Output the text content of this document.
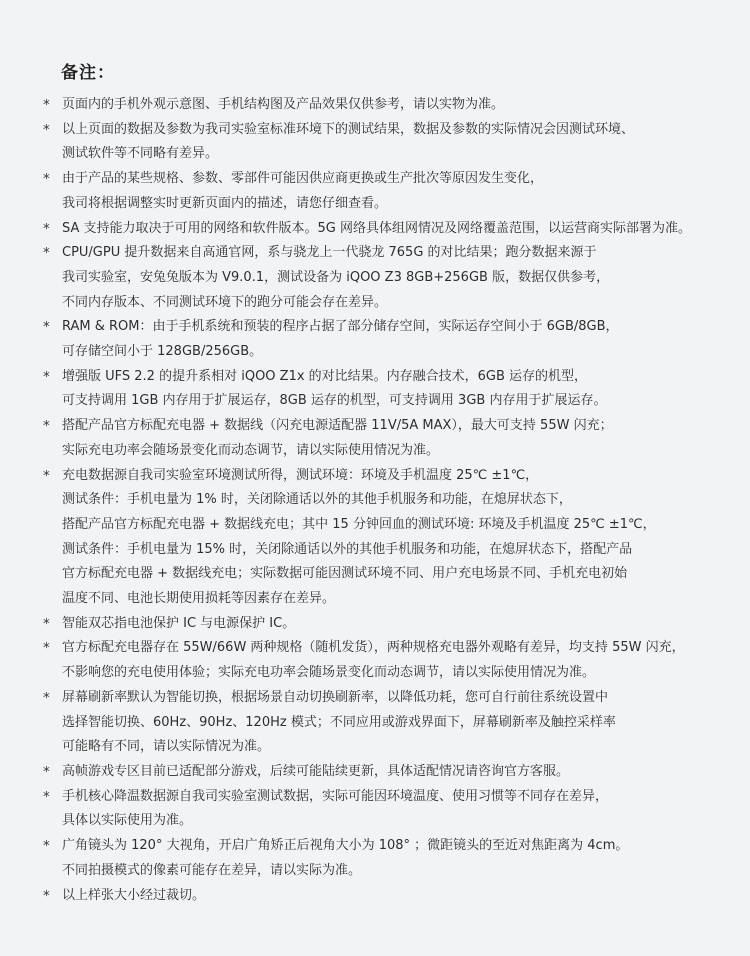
备注：
* 页面内的手机外观示意图、手机结构图及产品效果仅供参考，请以实物为准。
* 以上页面的数据及参数为我司实验室标准环境下的测试结果，数据及参数的实际情况会因测试环境、
测试软件等不同略有差异。
* 由于产品的某些规格、参数、零部件可能因供应商更换或生产批次等原因发生变化，
我司将根据调整实时更新页面内的描述，请您仔细查看。
* SA 支持能力取决于可用的网络和软件版本。5G 网络具体组网情况及网络覆盖范围，以运营商实际部署为准。
* CPU/GPU 提升数据来自高通官网，系与骁龙上一代骁龙 765G 的对比结果；跑分数据来源于
我司实验室，安兔兔版本为 V9.0.1，测试设备为 iQOO Z3 8GB+256GB 版，数据仅供参考，
不同内存版本、不同测试环境下的跑分可能会存在差异。
* RAM & ROM：由于手机系统和预装的程序占据了部分储存空间，实际运存空间小于 6GB/8GB，
可存储空间小于 128GB/256GB。
* 增强版 UFS 2.2 的提升系相对 iQOO Z1x 的对比结果。内存融合技术，6GB 运存的机型，
可支持调用 1GB 内存用于扩展运存，8GB 运存的机型，可支持调用 3GB 内存用于扩展运存。
* 搭配产品官方标配充电器 + 数据线（闪充电源适配器 11V/5A MAX），最大可支持 55W 闪充；
实际充电功率会随场景变化而动态调节，请以实际使用情况为准。
* 充电数据源自我司实验室环境测试所得，测试环境：环境及手机温度 25℃ ±1℃，
测试条件：手机电量为 1% 时，关闭除通话以外的其他手机服务和功能，在熄屏状态下，
搭配产品官方标配充电器 + 数据线充电；其中 15 分钟回血的测试环境: 环境及手机温度 25℃ ±1℃，
测试条件：手机电量为 15% 时，关闭除通话以外的其他手机服务和功能，在熄屏状态下，搭配产品
官方标配充电器 + 数据线充电；实际数据可能因测试环境不同、用户充电场景不同、手机充电初始
温度不同、电池长期使用损耗等因素存在差异。
* 智能双芯指电池保护 IC 与电源保护 IC。
* 官方标配充电器存在 55W/66W 两种规格（随机发货），两种规格充电器外观略有差异，均支持 55W 闪充，
不影响您的充电使用体验；实际充电功率会随场景变化而动态调节，请以实际使用情况为准。
* 屏幕刷新率默认为智能切换，根据场景自动切换刷新率，以降低功耗，您可自行前往系统设置中
选择智能切换、60Hz、90Hz、120Hz 模式；不同应用或游戏界面下，屏幕刷新率及触控采样率
可能略有不同，请以实际情况为准。
* 高帧游戏专区目前已适配部分游戏，后续可能陆续更新，具体适配情况请咨询官方客服。
* 手机核心降温数据源自我司实验室测试数据，实际可能因环境温度、使用习惯等不同存在差异，
具体以实际使用为准。
* 广角镜头为 120° 大视角，开启广角矫正后视角大小为 108° ；微距镜头的至近对焦距离为 4cm。
不同拍摄模式的像素可能存在差异，请以实际为准。
* 以上样张大小经过裁切。
